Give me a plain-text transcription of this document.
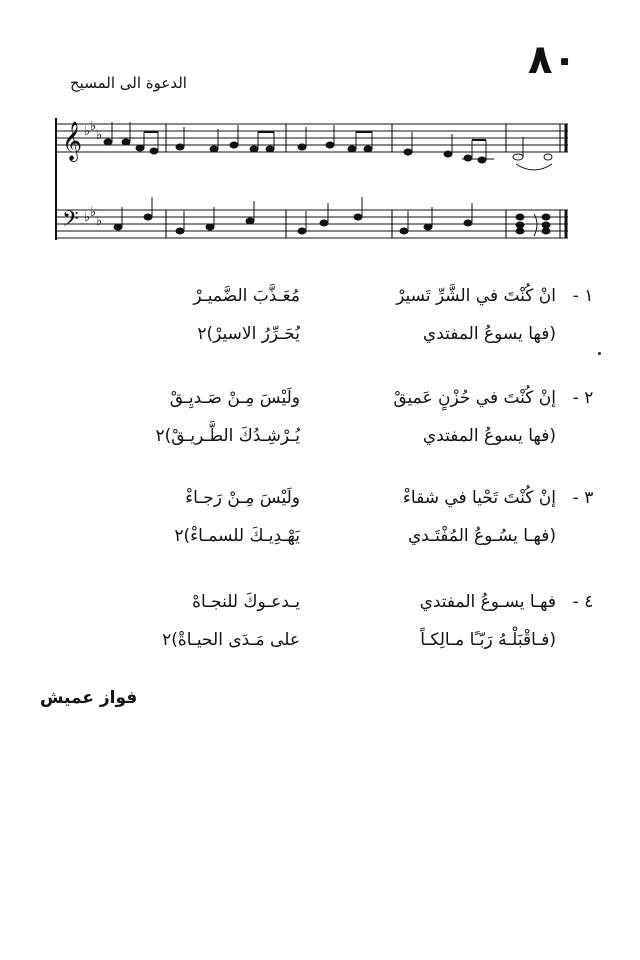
٨٠
الدعوة الى المسيح
𝄞
𝄢
♭ ♭
♭
♭ ♭
♭
١ -
انْ كُنْتَ في الشَّرِّ تَسيرْ
مُعَـذَّبَ الضَّميـرْ
(فها يسوعُ المفتدي
يُحَـرِّرُ الاسيرْ)٢
٢ -
إنْ كُنْتَ في حُزْنٍ عَميقْ
ولَيْسَ مِـنْ صَـديِـقْ
(فها يسوعُ المفتدي
يُـرْشِـدُكَ الطَّـريـقْ)٢
٣ -
إنْ كُنْتَ تَحْيا في شقاءْ
ولَيْسَ مِـنْ رَجـاءْ
(فهـا يسُـوعُ المُفْتَـدي
يَهْـدِيـكَ للسمـاءْ)٢
٤ -
فهـا يسـوعُ المفتدي
يـدعـوكَ للنجـاهْ
(فـاقْبَلْـهُ رَبّـًا مـالِكـاً
على مَـدَى الحيـاةْ)٢
فواز عميش
